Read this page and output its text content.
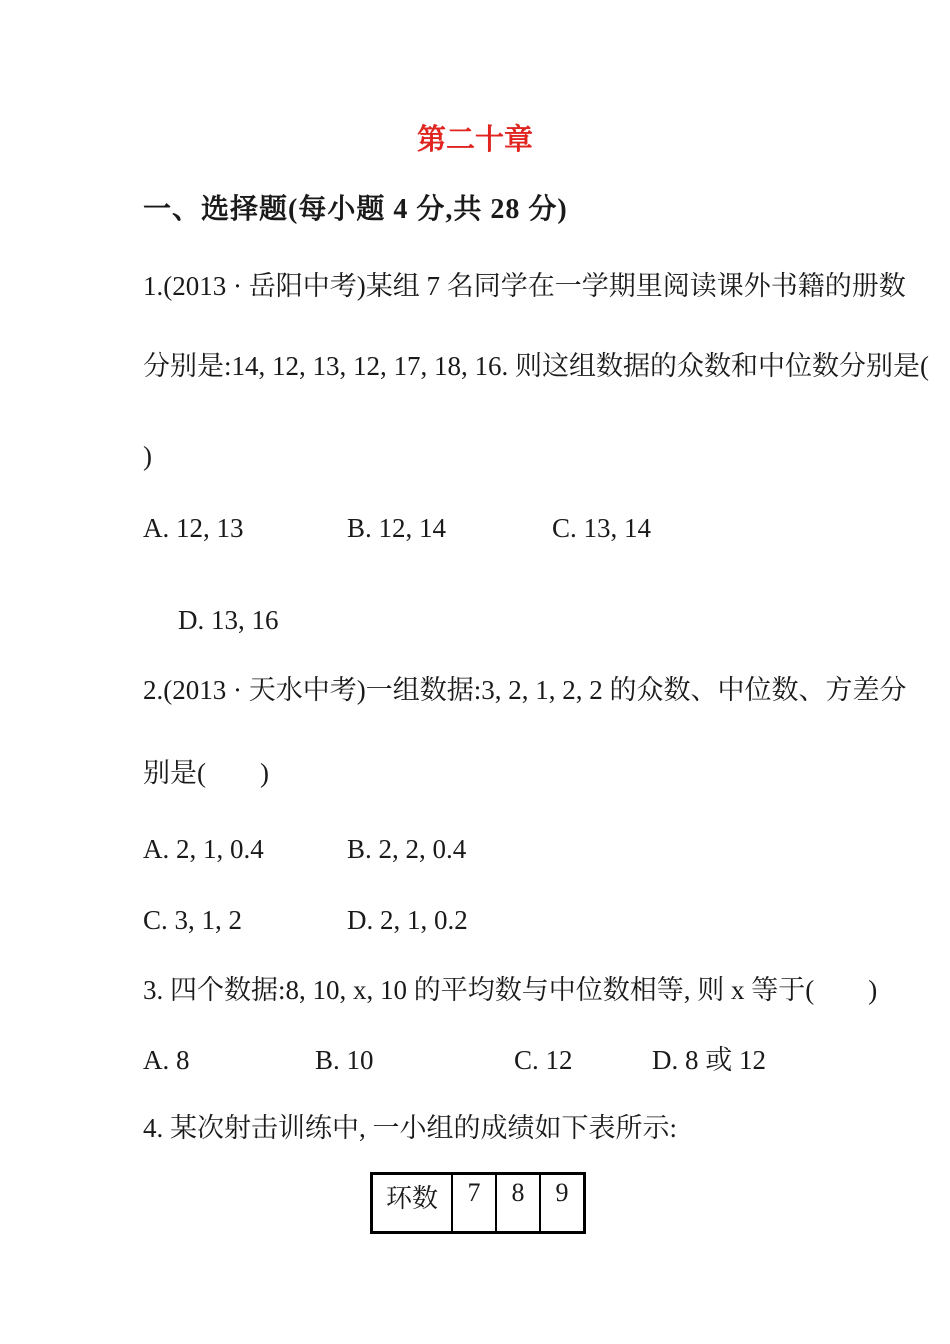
第二十章
一、选择题(每小题 4 分,共 28 分)
1.(2013 · 岳阳中考)某组 7 名同学在一学期里阅读课外书籍的册数
分别是:14, 12, 13, 12, 17, 18, 16. 则这组数据的众数和中位数分别是(
)
A. 12, 13	B. 12, 14	C. 13, 14
D. 13, 16
2.(2013 · 天水中考)一组数据:3, 2, 1, 2, 2 的众数、中位数、方差分
别是(　　)
A. 2, 1, 0.4	B. 2, 2, 0.4
C. 3, 1, 2	D. 2, 1, 0.2
3. 四个数据:8, 10, x, 10 的平均数与中位数相等, 则 x 等于(　　)
A. 8	B. 10	C. 12	D. 8 或 12
4. 某次射击训练中, 一小组的成绩如下表所示:
环数	7	8	9
